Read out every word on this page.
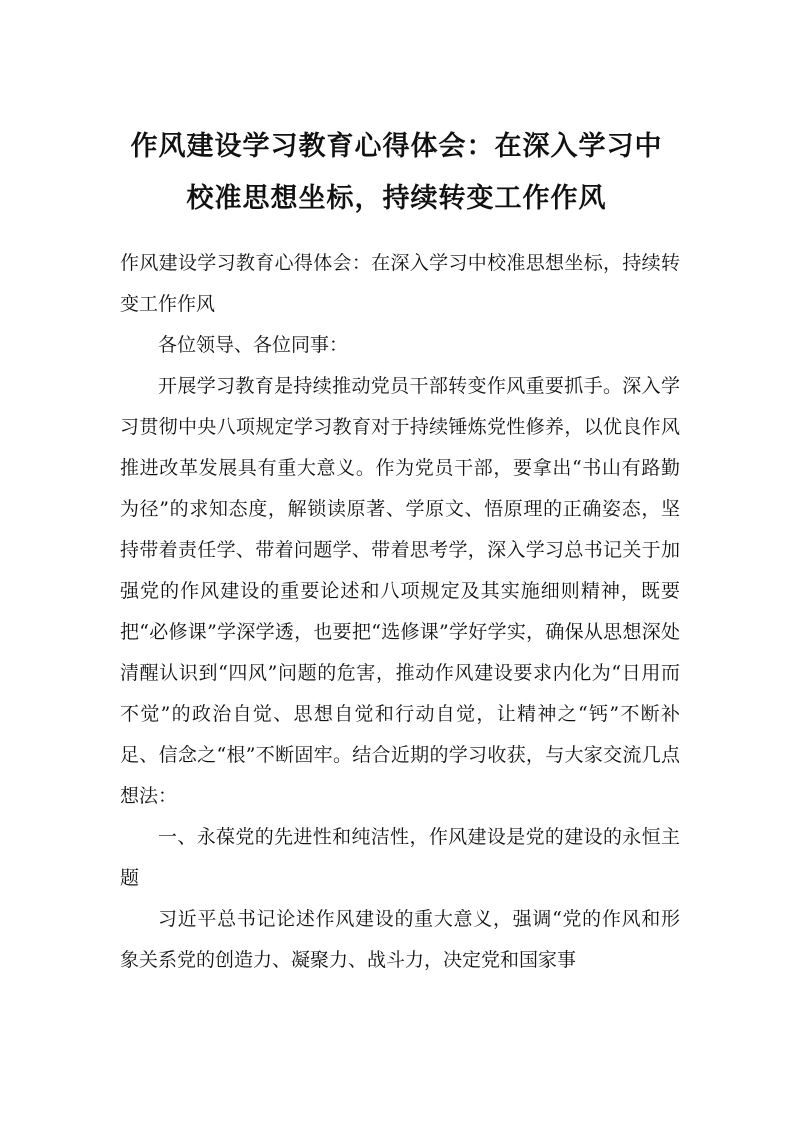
作风建设学习教育心得体会：在深入学习中
校准思想坐标，持续转变工作作风

作风建设学习教育心得体会：在深入学习中校准思想坐标，持续转变工作作风

各位领导、各位同事：

开展学习教育是持续推动党员干部转变作风重要抓手。深入学习贯彻中央八项规定学习教育对于持续锤炼党性修养，以优良作风推进改革发展具有重大意义。作为党员干部，要拿出“书山有路勤为径”的求知态度，解锁读原著、学原文、悟原理的正确姿态，坚持带着责任学、带着问题学、带着思考学，深入学习总书记关于加强党的作风建设的重要论述和八项规定及其实施细则精神，既要把“必修课”学深学透，也要把“选修课”学好学实，确保从思想深处清醒认识到“四风”问题的危害，推动作风建设要求内化为“日用而不觉”的政治自觉、思想自觉和行动自觉，让精神之“钙”不断补足、信念之“根”不断固牢。结合近期的学习收获，与大家交流几点想法：

一、永葆党的先进性和纯洁性，作风建设是党的建设的永恒主题

习近平总书记论述作风建设的重大意义，强调“党的作风和形象关系党的创造力、凝聚力、战斗力，决定党和国家事
